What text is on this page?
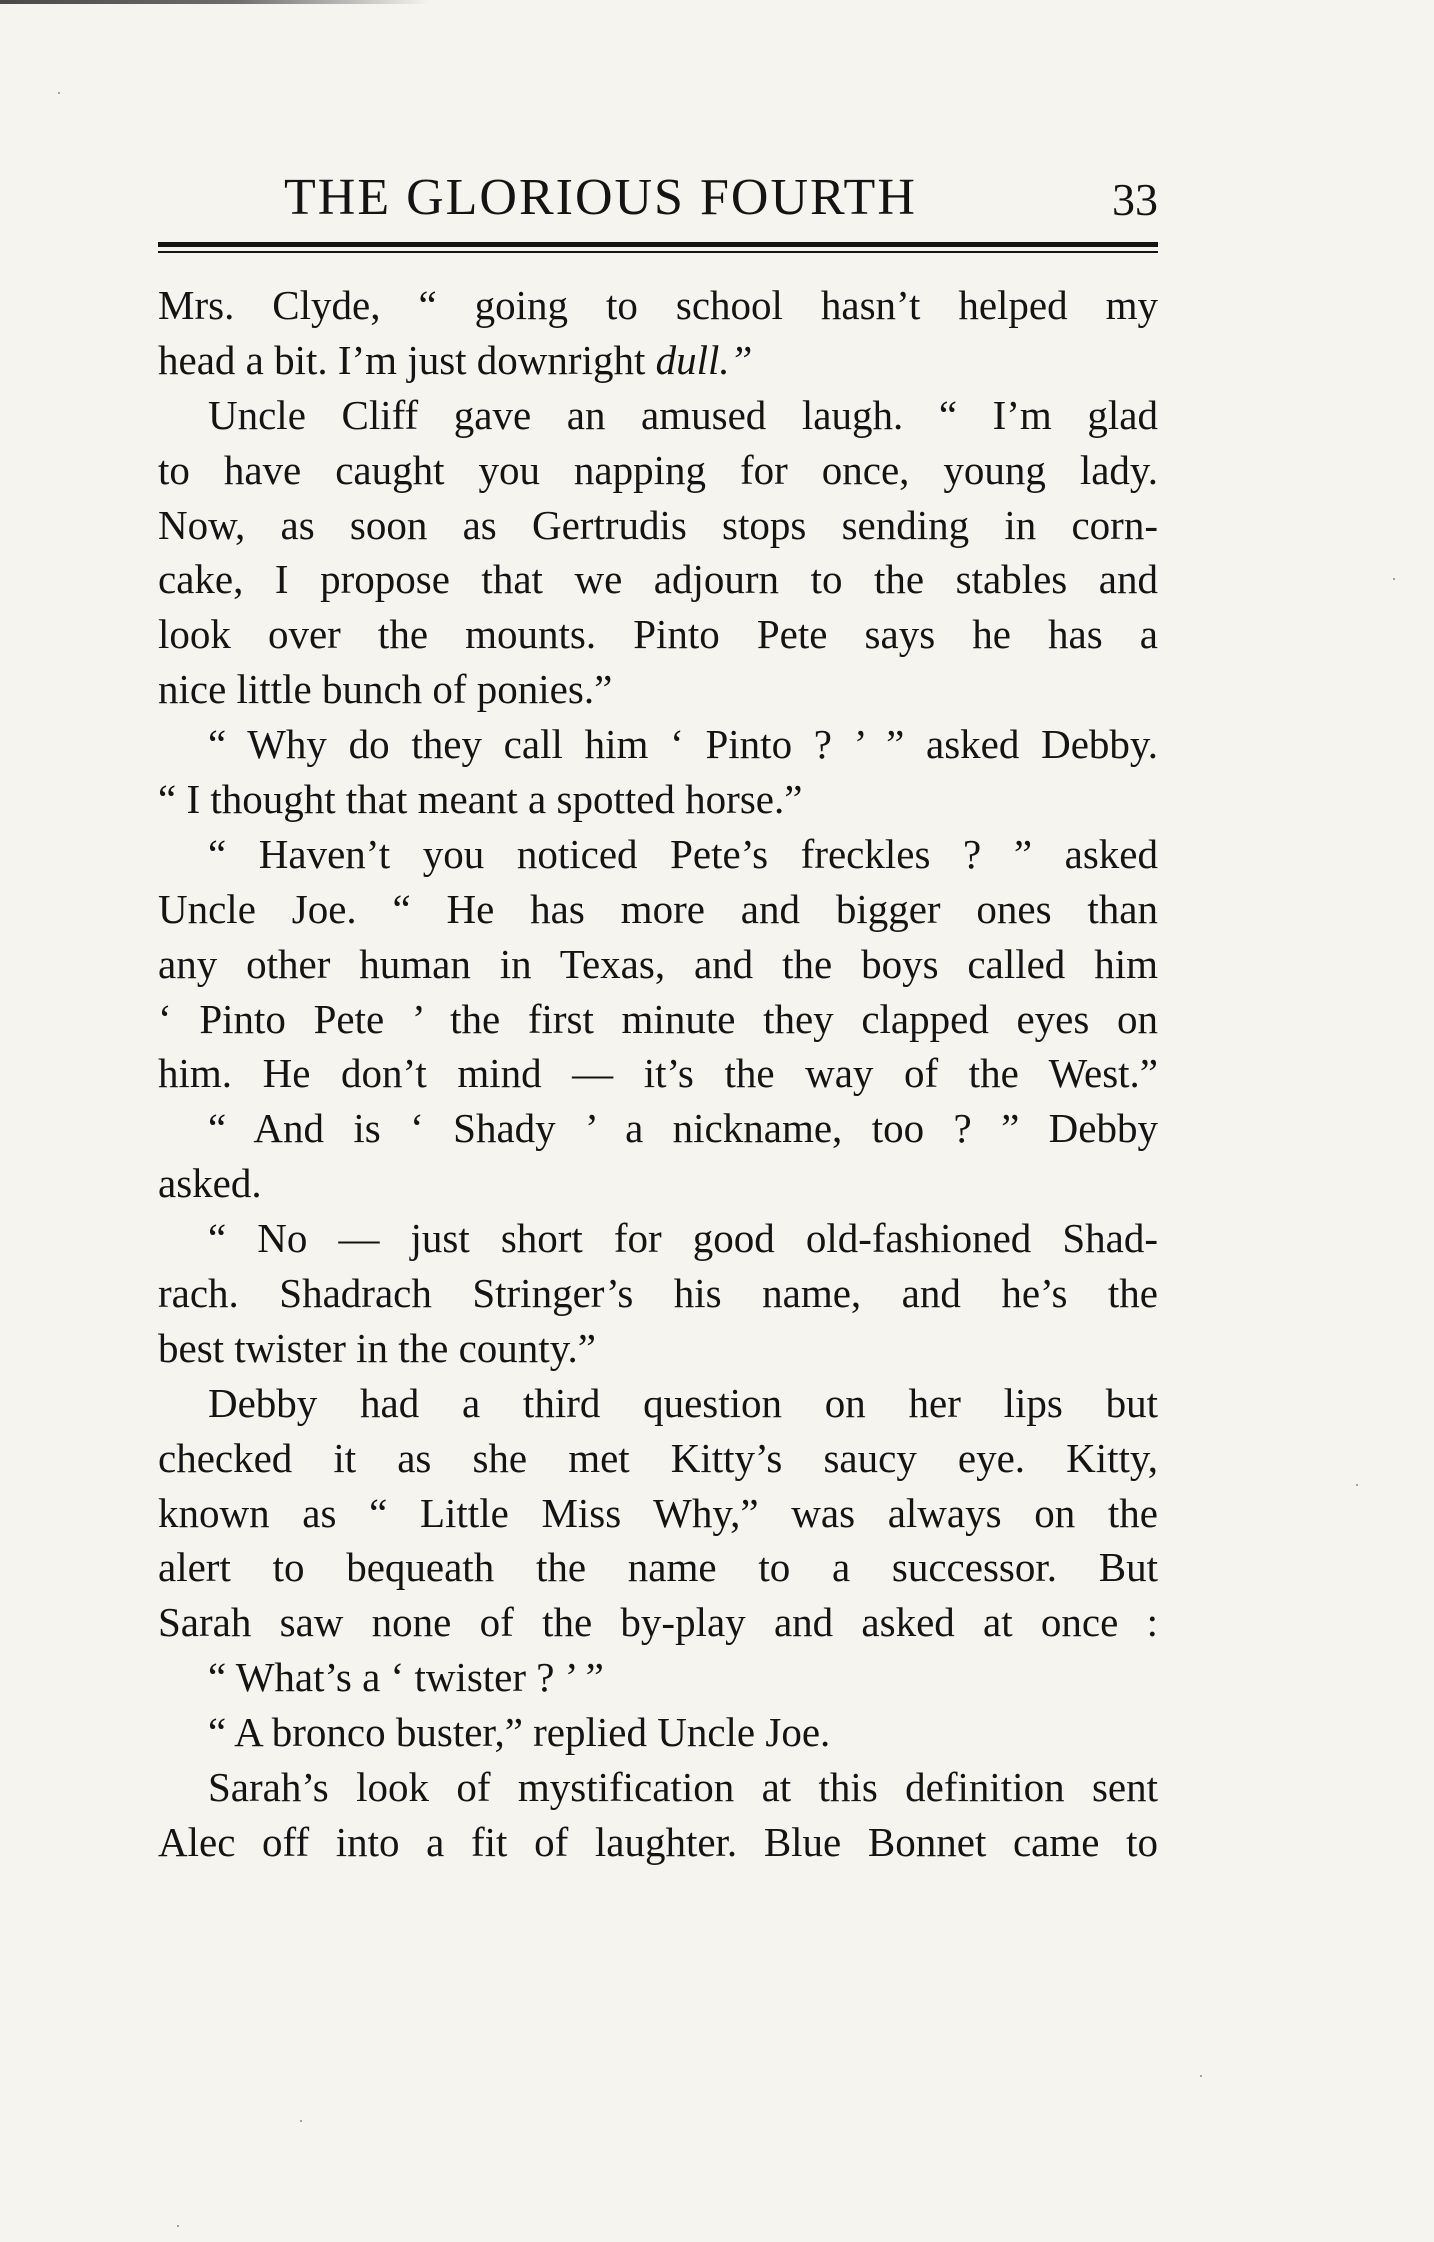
THE GLORIOUS FOURTH	33
Mrs. Clyde, “ going to school hasn’t helped my
head a bit. I’m just downright dull.”
Uncle Cliff gave an amused laugh. “ I’m glad
to have caught you napping for once, young lady.
Now, as soon as Gertrudis stops sending in corn-
cake, I propose that we adjourn to the stables and
look over the mounts. Pinto Pete says he has a
nice little bunch of ponies.”
“ Why do they call him ‘ Pinto ? ’ ” asked Debby.
“ I thought that meant a spotted horse.”
“ Haven’t you noticed Pete’s freckles ? ” asked
Uncle Joe. “ He has more and bigger ones than
any other human in Texas, and the boys called him
‘ Pinto Pete ’ the first minute they clapped eyes on
him. He don’t mind — it’s the way of the West.”
“ And is ‘ Shady ’ a nickname, too ? ” Debby
asked.
“ No — just short for good old-fashioned Shad-
rach. Shadrach Stringer’s his name, and he’s the
best twister in the county.”
Debby had a third question on her lips but
checked it as she met Kitty’s saucy eye. Kitty,
known as “ Little Miss Why,” was always on the
alert to bequeath the name to a successor. But
Sarah saw none of the by-play and asked at once :
“ What’s a ‘ twister ? ’ ”
“ A bronco buster,” replied Uncle Joe.
Sarah’s look of mystification at this definition sent
Alec off into a fit of laughter. Blue Bonnet came to
